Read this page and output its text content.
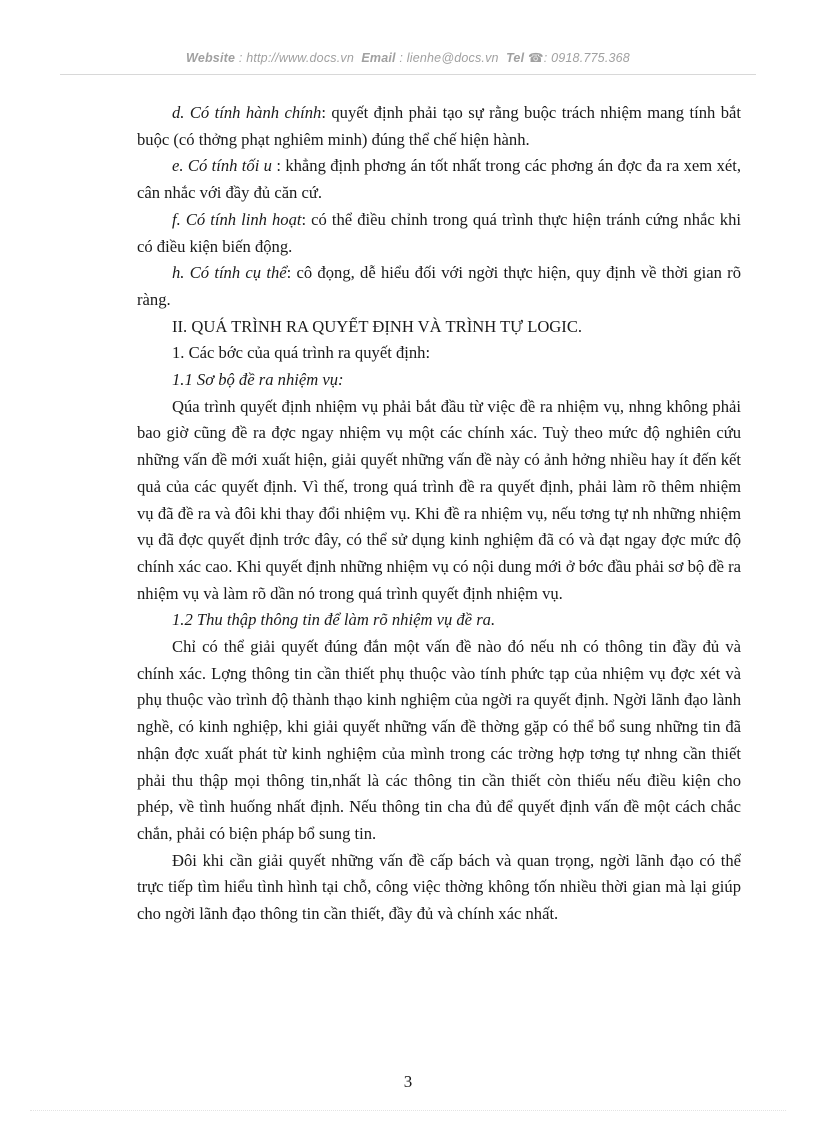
Website : http://www.docs.vn Email : lienhe@docs.vn Tel ☎: 0918.775.368

d. Có tính hành chính: quyết định phải tạo sự rằng buộc trách nhiệm mang tính bắt buộc (có thởng phạt nghiêm minh) đúng thể chế hiện hành.

e. Có tính tối u : khẳng định phơng án tốt nhất trong các phơng án đợc đa ra xem xét, cân nhắc với đầy đủ căn cứ.

f. Có tính linh hoạt: có thể điều chỉnh trong quá trình thực hiện tránh cứng nhắc khi có điều kiện biến động.

h. Có tính cụ thể: cô đọng, dễ hiểu đối với ngời thực hiện, quy định về thời gian rõ ràng.

II. QUÁ TRÌNH RA QUYẾT ĐỊNH VÀ TRÌNH TỰ LOGIC.

1. Các bớc của quá trình ra quyết định:

1.1 Sơ bộ đề ra nhiệm vụ:

Qúa trình quyết định nhiệm vụ phải bắt đầu từ việc đề ra nhiệm vụ, nhng không phải bao giờ cũng đề ra đợc ngay nhiệm vụ một các chính xác. Tuỳ theo mức độ nghiên cứu những vấn đề mới xuất hiện, giải quyết những vấn đề này có ảnh hởng nhiều hay ít đến kết quả của các quyết định. Vì thế, trong quá trình đề ra quyết định, phải làm rõ thêm nhiệm vụ đã đề ra và đôi khi thay đổi nhiệm vụ. Khi đề ra nhiệm vụ, nếu tơng tự nh những nhiệm vụ đã đợc quyết định trớc đây, có thể sử dụng kinh nghiệm đã có và đạt ngay đợc mức độ chính xác cao. Khi quyết định những nhiệm vụ có nội dung mới ở bớc đầu phải sơ bộ đề ra nhiệm vụ và làm rõ dần nó trong quá trình quyết định nhiệm vụ.

1.2 Thu thập thông tin để làm rõ nhiệm vụ đề ra.

Chỉ có thể giải quyết đúng đắn một vấn đề nào đó nếu nh có thông tin đầy đủ và chính xác. Lợng thông tin cần thiết phụ thuộc vào tính phức tạp của nhiệm vụ đợc xét và phụ thuộc vào trình độ thành thạo kinh nghiệm của ngời ra quyết định. Ngời lãnh đạo lành nghề, có kinh nghiệp, khi giải quyết những vấn đề thờng gặp có thể bổ sung những tin đã nhận đợc xuất phát từ kinh nghiệm của mình trong các trờng hợp tơng tự nhng cần thiết phải thu thập mọi thông tin,nhất là các thông tin cần thiết còn thiếu nếu điều kiện cho phép, về tình huống nhất định. Nếu thông tin cha đủ để quyết định vấn đề một cách chắc chắn, phải có biện pháp bổ sung tin.

Đôi khi cần giải quyết những vấn đề cấp bách và quan trọng, ngời lãnh đạo có thể trực tiếp tìm hiểu tình hình tại chỗ, công việc thờng không tốn nhiều thời gian mà lại giúp cho ngời lãnh đạo thông tin cần thiết, đầy đủ và chính xác nhất.

3
